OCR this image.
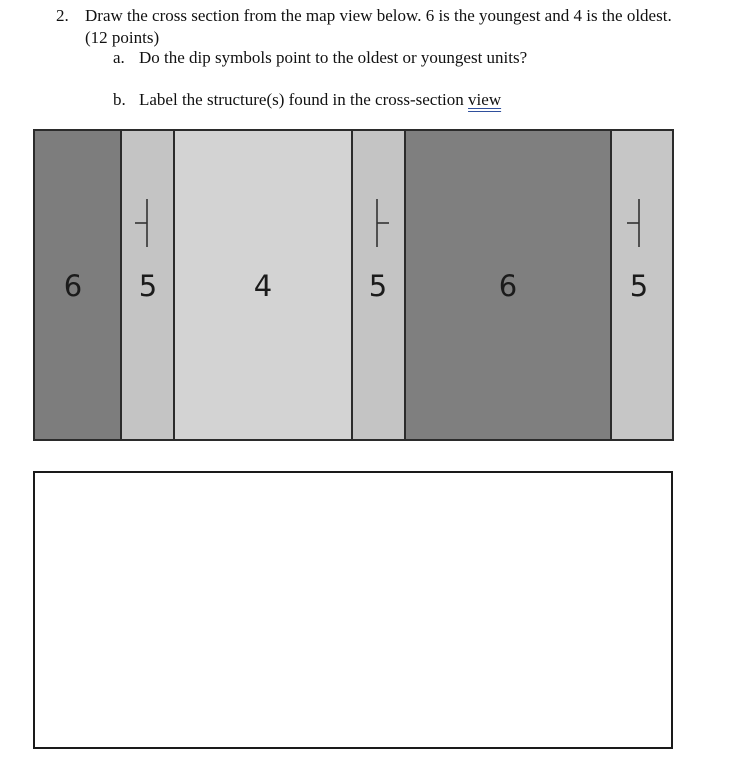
2. Draw the cross section from the map view below. 6 is the youngest and 4 is the oldest.
(12 points)
a. Do the dip symbols point to the oldest or youngest units?
b. Label the structure(s) found in the cross-section view
6 5	4	5	6	5
